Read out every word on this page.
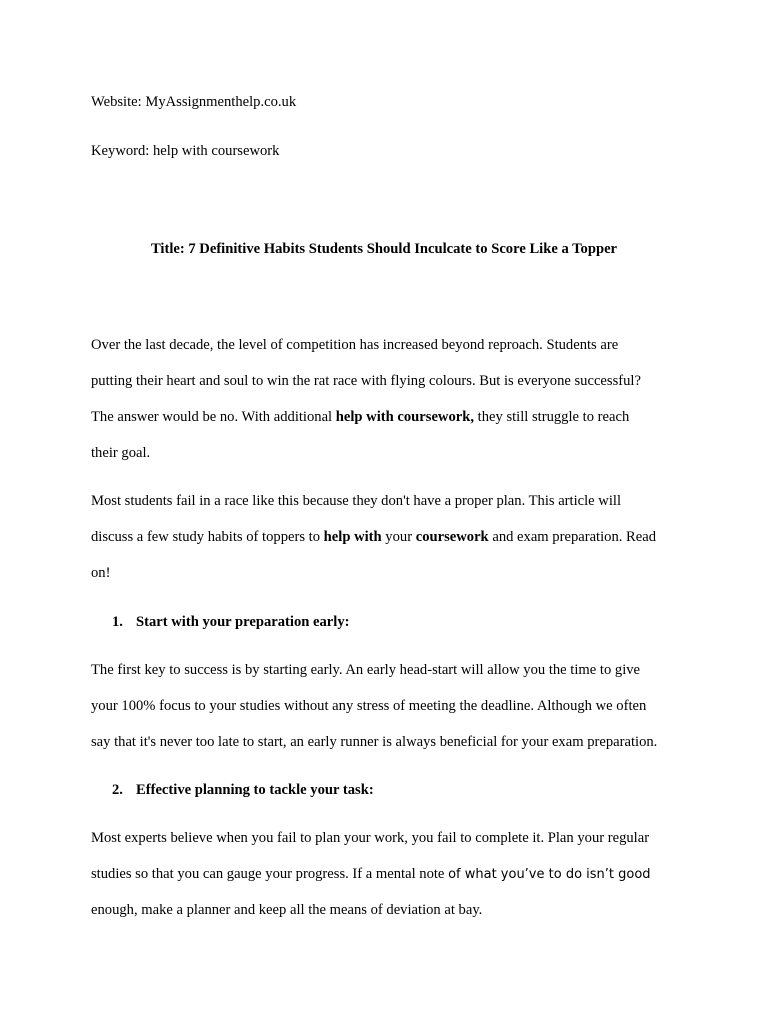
Website: MyAssignmenthelp.co.uk
Keyword: help with coursework
Title: 7 Definitive Habits Students Should Inculcate to Score Like a Topper
Over the last decade, the level of competition has increased beyond reproach. Students are
putting their heart and soul to win the rat race with flying colours. But is everyone successful?
The answer would be no. With additional help with coursework, they still struggle to reach
their goal.
Most students fail in a race like this because they don't have a proper plan. This article will
discuss a few study habits of toppers to help with your coursework and exam preparation. Read
on!
1. Start with your preparation early:
The first key to success is by starting early. An early head-start will allow you the time to give
your 100% focus to your studies without any stress of meeting the deadline. Although we often
say that it's never too late to start, an early runner is always beneficial for your exam preparation.
2. Effective planning to tackle your task:
Most experts believe when you fail to plan your work, you fail to complete it. Plan your regular
studies so that you can gauge your progress. If a mental note of what you’ve to do isn’t good
enough, make a planner and keep all the means of deviation at bay.
